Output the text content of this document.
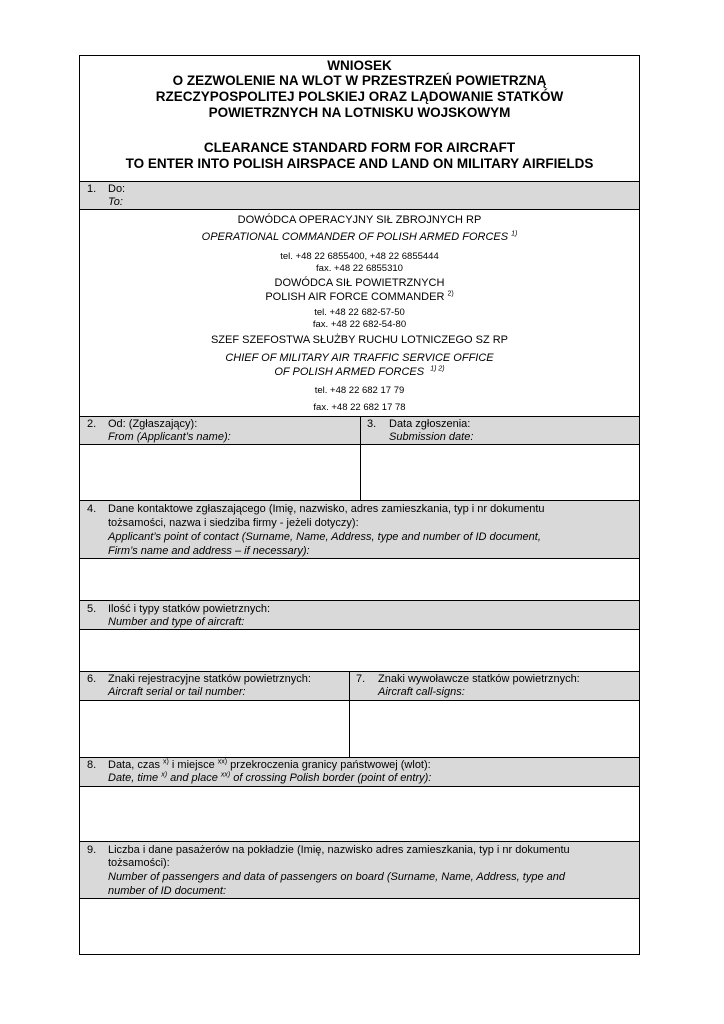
WNIOSEK
O ZEZWOLENIE NA WLOT W PRZESTRZEŃ POWIETRZNĄ
RZECZYPOSPOLITEJ POLSKIEJ ORAZ LĄDOWANIE STATKÓW
POWIETRZNYCH NA LOTNISKU WOJSKOWYM
CLEARANCE STANDARD FORM FOR AIRCRAFT
TO ENTER INTO POLISH AIRSPACE AND LAND ON MILITARY AIRFIELDS
1. Do:
To:
DOWÓDCA OPERACYJNY SIŁ ZBROJNYCH RP
OPERATIONAL COMMANDER OF POLISH ARMED FORCES $^{1)}$
tel. +48 22 6855400, +48 22 6855444
fax. +48 22 6855310
DOWÓDCA SIŁ POWIETRZNYCH
POLISH AIR FORCE COMMANDER $^{2)}$
tel. +48 22 682-57-50
fax. +48 22 682-54-80
SZEF SZEFOSTWA SŁUŻBY RUCHU LOTNICZEGO SZ RP
CHIEF OF MILITARY AIR TRAFFIC SERVICE OFFICE
OF POLISH ARMED FORCES $^{1) 2)}$
tel. +48 22 682 17 79
fax. +48 22 682 17 78
2. Od: (Zgłaszający):
From (Applicant’s name):
3. Data zgłoszenia:
Submission date:
4. Dane kontaktowe zgłaszającego (Imię, nazwisko, adres zamieszkania, typ i nr dokumentu
tożsamości, nazwa i siedziba firmy - jeżeli dotyczy):
Applicant’s point of contact (Surname, Name, Address, type and number of ID document,
Firm’s name and address – if necessary):
5. Ilość i typy statków powietrznych:
Number and type of aircraft:
6. Znaki rejestracyjne statków powietrznych:
Aircraft serial or tail number:
7. Znaki wywoławcze statków powietrznych:
Aircraft call-signs:
8. Data, czas $^{x)}$ i miejsce $^{xx)}$ przekroczenia granicy państwowej (wlot):
Date, time $^{x)}$ and place $^{xx)}$ of crossing Polish border (point of entry):
9. Liczba i dane pasażerów na pokładzie (Imię, nazwisko adres zamieszkania, typ i nr dokumentu
tożsamości):
Number of passengers and data of passengers on board (Surname, Name, Address, type and
number of ID document:
